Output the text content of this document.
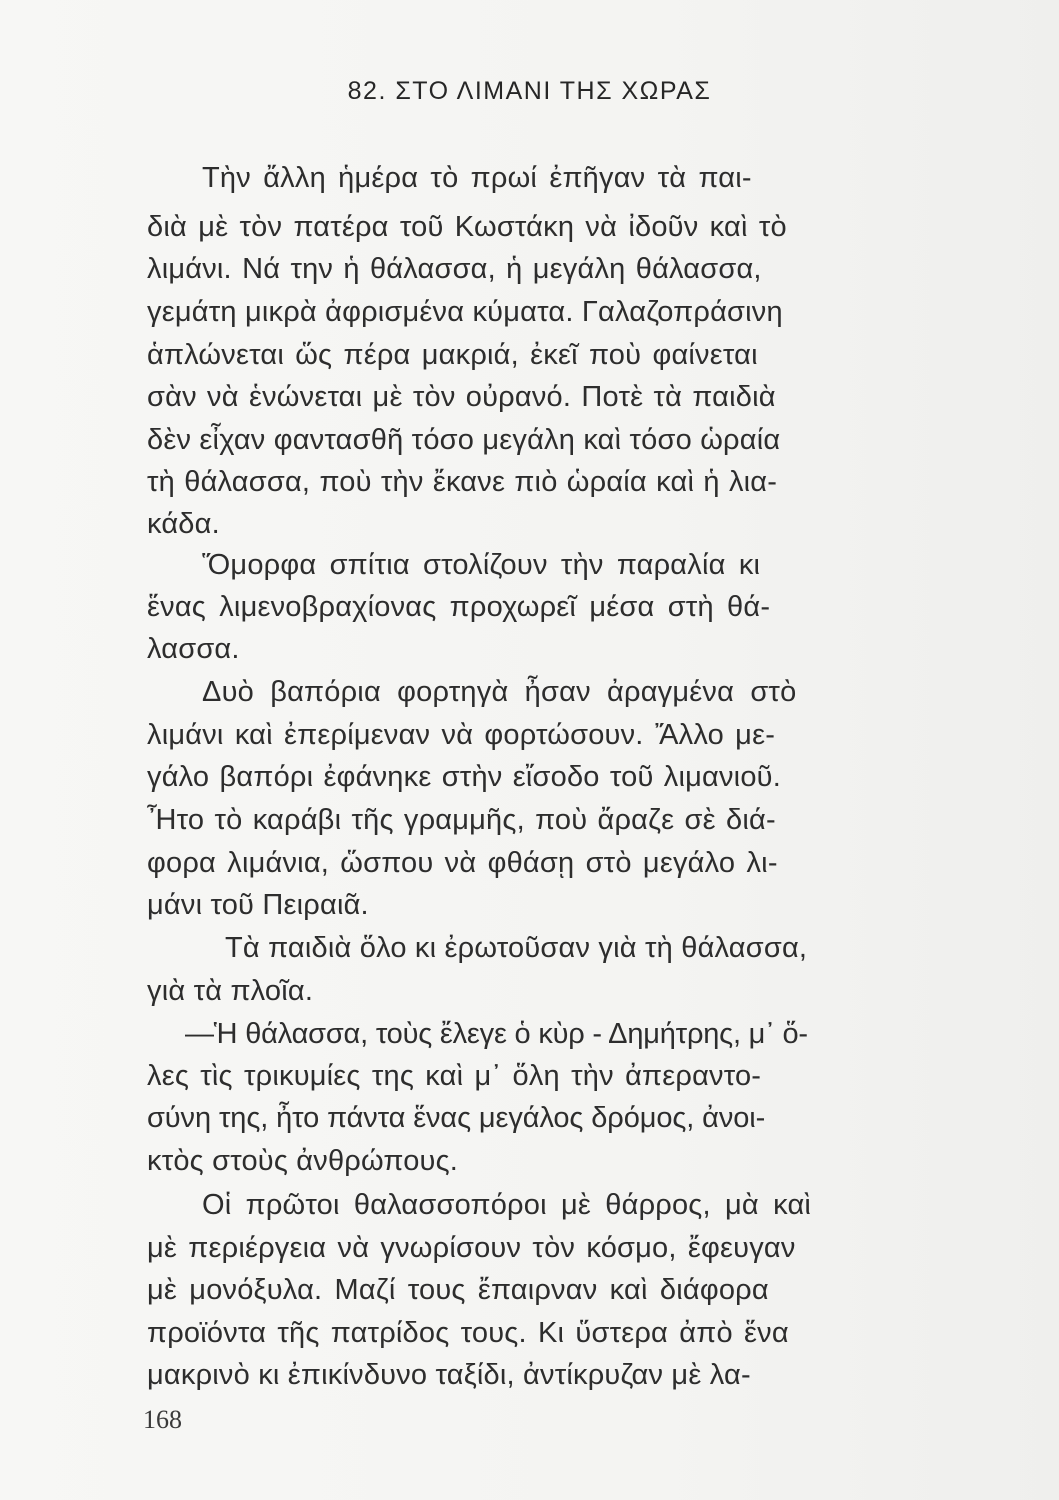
82. ΣΤΟ ΛΙΜΑΝΙ ΤΗΣ ΧΩΡΑΣ
Τὴν ἄλλη ἡμέρα τὸ πρωί ἐπῆγαν τὰ παι-
διὰ μὲ τὸν πατέρα τοῦ Κωστάκη νὰ ἰδοῦν καὶ τὸ
λιμάνι. Νά την ἡ θάλασσα, ἡ μεγάλη θάλασσα,
γεμάτη μικρὰ ἀφρισμένα κύματα. Γαλαζοπράσινη
ἁπλώνεται ὥς πέρα μακριά, ἐκεῖ ποὺ φαίνεται
σὰν νὰ ἑνώνεται μὲ τὸν οὐρανό. Ποτὲ τὰ παιδιὰ
δὲν εἶχαν φαντασθῆ τόσο μεγάλη καὶ τόσο ὡραία
τὴ θάλασσα, ποὺ τὴν ἔκανε πιὸ ὡραία καὶ ἡ λια-
κάδα.
Ὅμορφα σπίτια στολίζουν τὴν παραλία κι
ἕνας λιμενοβραχίονας προχωρεῖ μέσα στὴ θά-
λασσα.
Δυὸ βαπόρια φορτηγὰ ἦσαν ἀραγμένα στὸ
λιμάνι καὶ ἐπερίμεναν νὰ φορτώσουν. Ἄλλο με-
γάλο βαπόρι ἐφάνηκε στὴν εἴσοδο τοῦ λιμανιοῦ.
Ἦτο τὸ καράβι τῆς γραμμῆς, ποὺ ἄραζε σὲ διά-
φορα λιμάνια, ὥσπου νὰ φθάσῃ στὸ μεγάλο λι-
μάνι τοῦ Πειραιᾶ.
Τὰ παιδιὰ ὅλο κι ἐρωτοῦσαν γιὰ τὴ θάλασσα,
γιὰ τὰ πλοῖα.
—Ἡ θάλασσα, τοὺς ἔλεγε ὁ κὺρ - Δημήτρης, μ᾽ ὅ-
λες τὶς τρικυμίες της καὶ μ᾽ ὅλη τὴν ἀπεραντο-
σύνη της, ἦτο πάντα ἕνας μεγάλος δρόμος, ἀνοι-
κτὸς στοὺς ἀνθρώπους.
Οἱ πρῶτοι θαλασσοπόροι μὲ θάρρος, μὰ καὶ
μὲ περιέργεια νὰ γνωρίσουν τὸν κόσμο, ἔφευγαν
μὲ μονόξυλα. Μαζί τους ἔπαιρναν καὶ διάφορα
προϊόντα τῆς πατρίδος τους. Κι ὕστερα ἀπὸ ἕνα
μακρινὸ κι ἐπικίνδυνο ταξίδι, ἀντίκρυζαν μὲ λα-
168
